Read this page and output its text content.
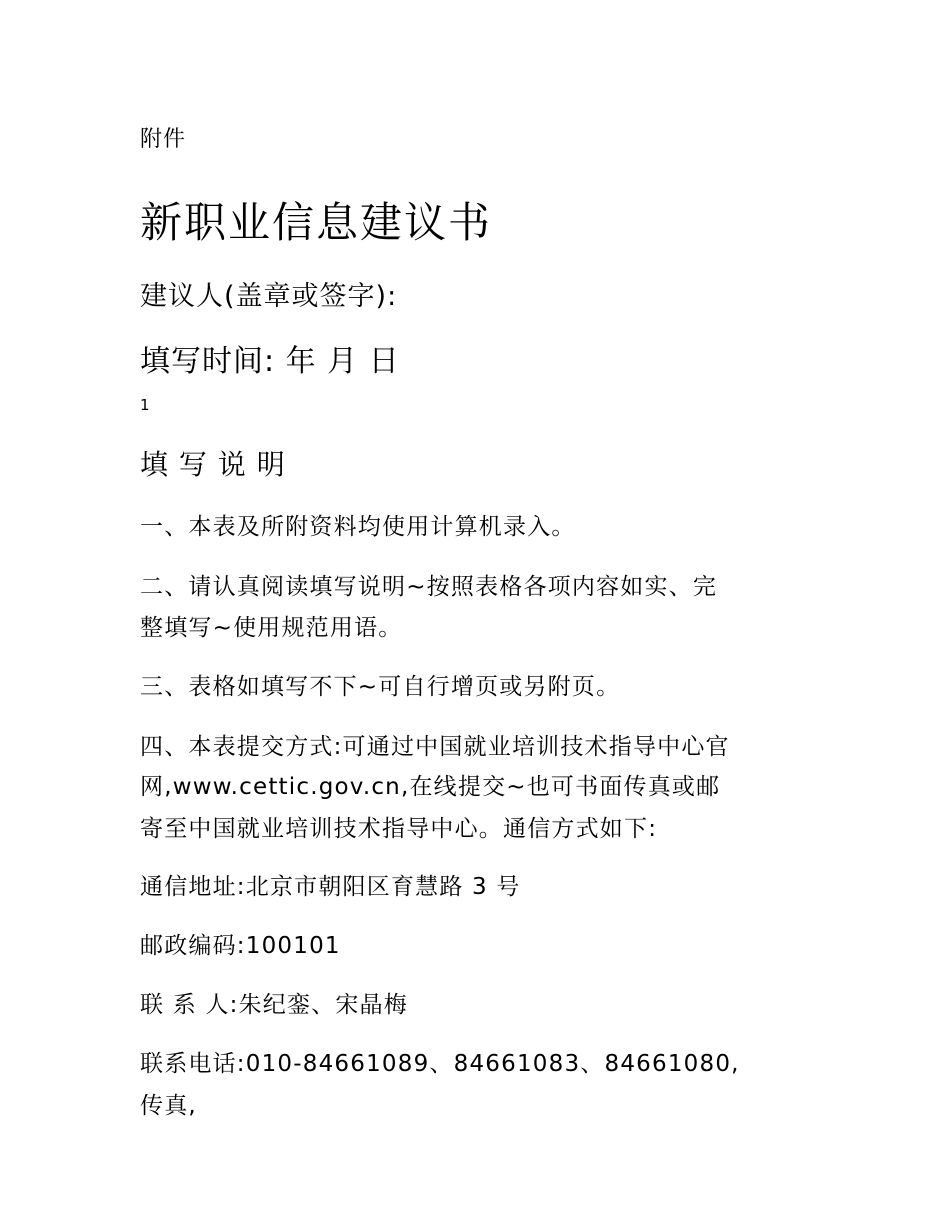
附件

新职业信息建议书

建议人(盖章或签字):

填写时间: 年 月 日

1

填 写 说 明

一、本表及所附资料均使用计算机录入。

二、请认真阅读填写说明~按照表格各项内容如实、完

整填写~使用规范用语。

三、表格如填写不下~可自行增页或另附页。

四、本表提交方式:可通过中国就业培训技术指导中心官

网,www.cettic.gov.cn,在线提交~也可书面传真或邮

寄至中国就业培训技术指导中心。通信方式如下:

通信地址:北京市朝阳区育慧路 3 号

邮政编码:100101

联 系 人:朱纪銮、宋晶梅

联系电话:010-84661089、84661083、84661080,

传真,
